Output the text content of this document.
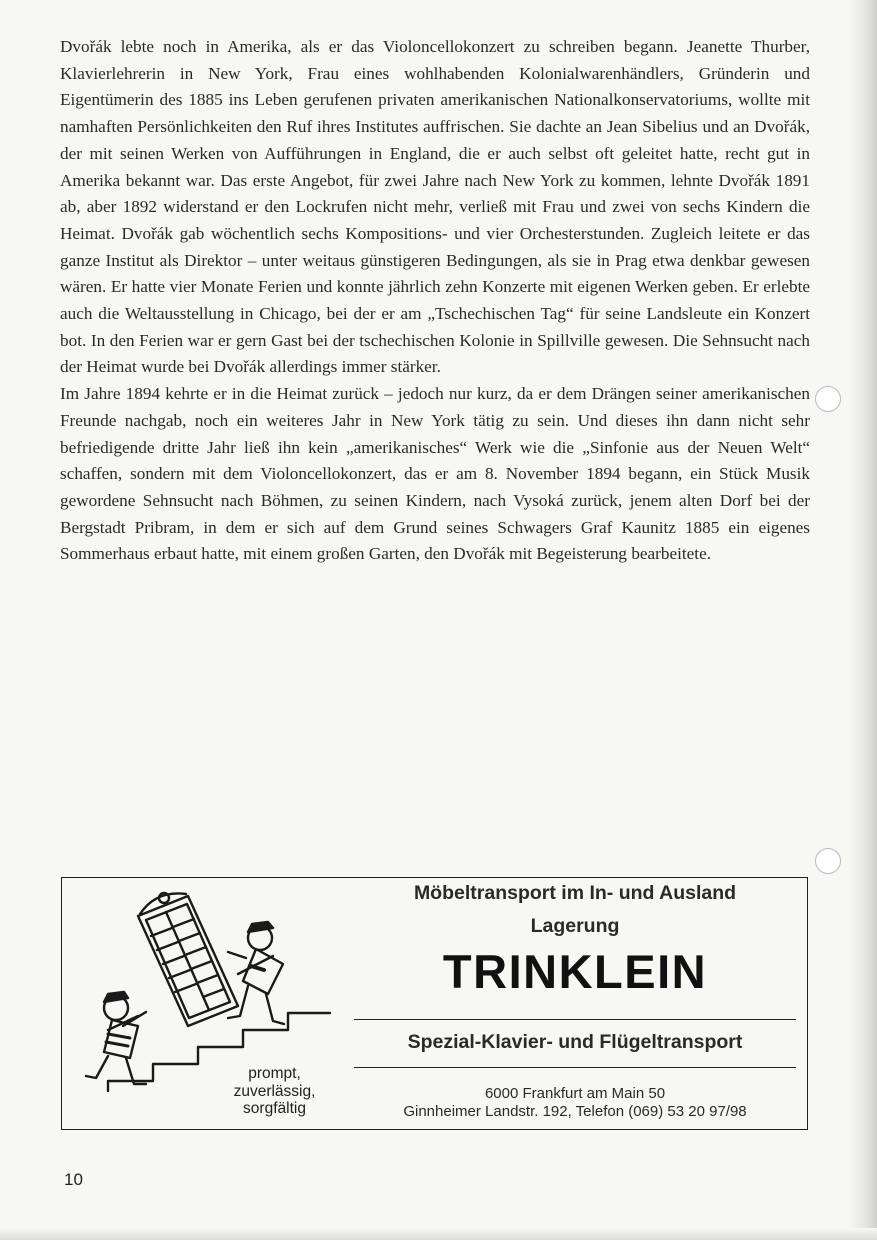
Dvořák lebte noch in Amerika, als er das Violoncellokonzert zu schreiben begann. Jeanette Thurber, Klavierlehrerin in New York, Frau eines wohlhabenden Kolonialwarenhändlers, Gründerin und Eigentümerin des 1885 ins Leben gerufenen privaten amerikanischen Nationalkonservatoriums, wollte mit namhaften Persönlichkeiten den Ruf ihres Institutes auffrischen. Sie dachte an Jean Sibelius und an Dvořák, der mit seinen Werken von Aufführungen in England, die er auch selbst oft geleitet hatte, recht gut in Amerika bekannt war. Das erste Angebot, für zwei Jahre nach New York zu kommen, lehnte Dvořák 1891 ab, aber 1892 widerstand er den Lockrufen nicht mehr, verließ mit Frau und zwei von sechs Kindern die Heimat. Dvořák gab wöchentlich sechs Kompositions- und vier Orchesterstunden. Zugleich leitete er das ganze Institut als Direktor – unter weitaus günstigeren Bedingungen, als sie in Prag etwa denkbar gewesen wären. Er hatte vier Monate Ferien und konnte jährlich zehn Konzerte mit eigenen Werken geben. Er erlebte auch die Weltausstellung in Chicago, bei der er am „Tschechischen Tag“ für seine Landsleute ein Konzert bot. In den Ferien war er gern Gast bei der tschechischen Kolonie in Spillville gewesen. Die Sehnsucht nach der Heimat wurde bei Dvořák allerdings immer stärker.

Im Jahre 1894 kehrte er in die Heimat zurück – jedoch nur kurz, da er dem Drängen seiner amerikanischen Freunde nachgab, noch ein weiteres Jahr in New York tätig zu sein. Und dieses ihn dann nicht sehr befriedigende dritte Jahr ließ ihn kein „amerikanisches“ Werk wie die „Sinfonie aus der Neuen Welt“ schaffen, sondern mit dem Violoncellokonzert, das er am 8. November 1894 begann, ein Stück Musik gewordene Sehnsucht nach Böhmen, zu seinen Kindern, nach Vysoká zurück, jenem alten Dorf bei der Bergstadt Pribram, in dem er sich auf dem Grund seines Schwagers Graf Kaunitz 1885 ein eigenes Sommerhaus erbaut hatte, mit einem großen Garten, den Dvořák mit Begeisterung bearbeitete.

prompt,
zuverlässig,
sorgfältig
Möbeltransport im In- und Ausland
Lagerung
TRINKLEIN
Spezial-Klavier- und Flügeltransport
6000 Frankfurt am Main 50
Ginnheimer Landstr. 192, Telefon (069) 53 20 97/98
10
